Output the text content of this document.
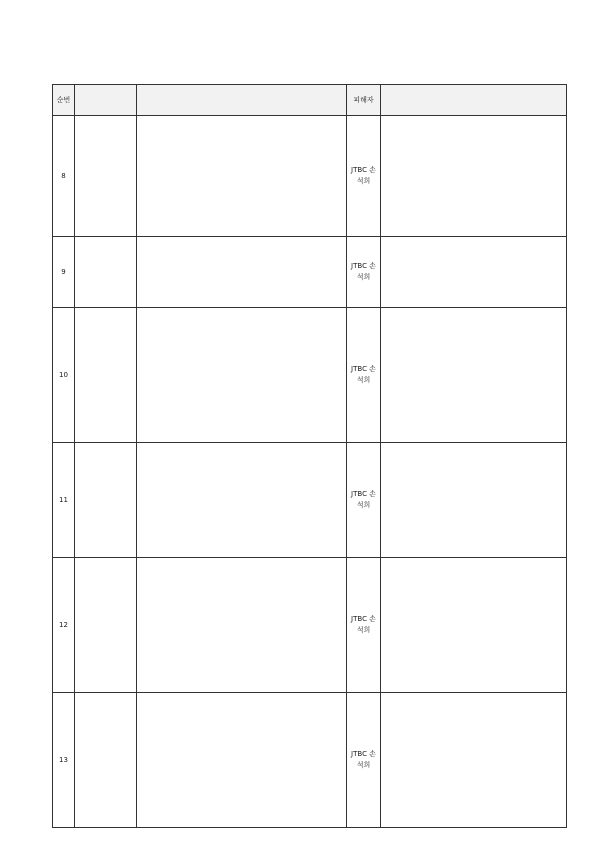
순번			피해자	
8			JTBC 손석희	
9			JTBC 손석희	
10			JTBC 손석희	
11			JTBC 손석희	
12			JTBC 손석희	
13			JTBC 손석희	
